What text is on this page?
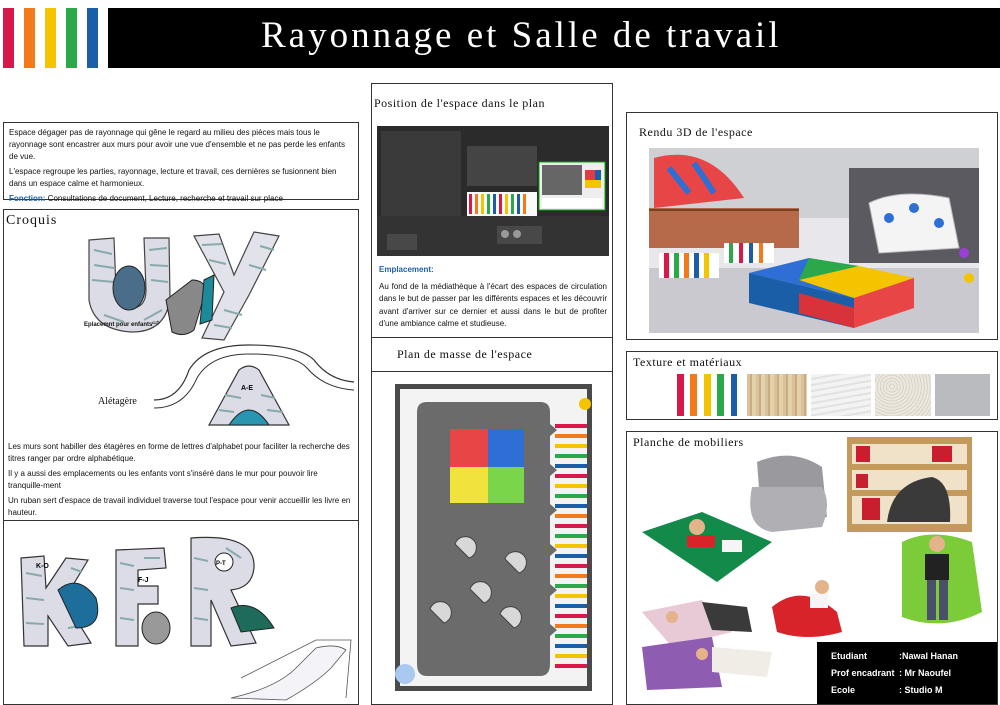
Rayonnage et Salle de travail

Espace dégager pas de rayonnage qui gêne le regard au milieu des pièces mais tous le rayonnage sont encastrer aux murs pour avoir une vue d'ensemble et ne pas perde les enfants de vue.

L'espace regroupe les parties, rayonnage, lecture et travail, ces dernières se fusionnent bien dans un espace calme et harmonieux.

Fonction: Consultations de document, Lecture, recherche et travail sur place

Croquis
Eplacemnt pour enfants ⇨
A-E
Alétagère

Les murs sont habiller des étagères en forme de lettres d'alphabet pour faciliter la recherche des titres ranger par ordre alphabétique.

Il y a aussi des emplacements ou les enfants vont s'inséré dans le mur pour pouvoir lire tranquille-ment

Un ruban sert d'espace de travail individuel traverse tout l'espace pour venir accueillir les livre en hauteur.

K-O
F-J
P-T
Position de l'espace dans le plan

Emplacement:

Au fond de la médiathèque à l'écart des espaces de circulation dans le but de passer par les différents espaces et les découvrir avant d'arriver sur ce dernier et aussi dans le but de profiter d'une ambiance calme et studieuse.

Plan de masse de l'espace
Rendu 3D de l'espace
Texture et matériaux
Planche de mobiliers
Etudiant	:Nawal Hanan
Prof encadrant : Mr Naoufel
Ecole	: Studio M
